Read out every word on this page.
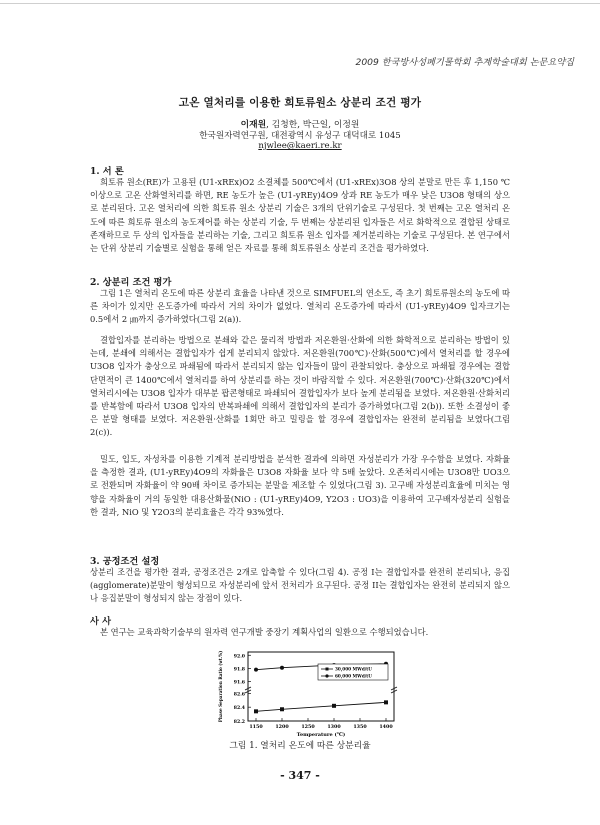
2009 한국방사성폐기물학회 추계학술대회 논문요약집
고온 열처리를 이용한 희토류원소 상분리 조건 평가
이재원, 김청한, 박근일, 이정원
한국원자력연구원, 대전광역시 유성구 대덕대로 1045
njwlee@kaeri.re.kr
1. 서 론
희토류 원소(RE)가 고용된 (U1-xREx)O2 소결체를 500℃에서 (U1-xREx)3O8 상의 분말로 만든 후 1,150 ℃이상으로 고온 산화열처리를 하면, RE 농도가 높은 (U1-yREy)4O9 상과 RE 농도가 매우 낮은 U3O8 형태의 상으로 분리된다. 고온 열처리에 의한 희토류 원소 상분리 기술은 3개의 단위기술로 구성된다. 첫 번째는 고온 열처리 온도에 따른 희토류 원소의 농도제어를 하는 상분리 기술, 두 번째는 상분리된 입자들은 서로 화학적으로 결합된 상태로 존재하므로 두 상의 입자들을 분리하는 기술, 그리고 희토류 원소 입자를 제거분리하는 기술로 구성된다. 본 연구에서는 단위 상분리 기술별로 실험을 통해 얻은 자료를 통해 희토류원소 상분리 조건을 평가하였다.
2. 상분리 조건 평가
그림 1은 열처리 온도에 따른 상분리 효율을 나타낸 것으로 SIMFUEL의 연소도, 즉 초기 희토류원소의 농도에 따른 차이가 있지만 온도증가에 따라서 거의 차이가 없었다. 열처리 온도증가에 따라서 (U1-yREy)4O9 입자크기는 0.5에서 2 ㎛까지 증가하였다(그림 2(a)).
결합입자를 분리하는 방법으로 분쇄와 같은 물리적 방법과 저온환원·산화에 의한 화학적으로 분리하는 방법이 있는데, 분쇄에 의해서는 결합입자가 쉽게 분리되지 않았다. 저온환원(700℃)·산화(500℃)에서 열처리를 할 경우에 U3O8 입자가 충상으로 파쇄됨에 따라서 분리되지 않는 입자들이 많이 관찰되었다. 충상으로 파쇄될 경우에는 결합단면적이 큰 1400℃에서 열처리를 하여 상분리를 하는 것이 바람직할 수 있다. 저온환원(700℃)·산화(320℃)에서 열처리시에는 U3O8 입자가 대부분 팝콘형태로 파쇄되어 결합입자가 보다 높게 분리됨을 보였다. 저온환원·산화처리를 반복함에 따라서 U3O8 입자의 반복파쇄에 의해서 결합입자의 분리가 증가하였다(그림 2(b)). 또한 소결성이 좋은 분말 형태를 보였다. 저온환원·산화를 1회만 하고 밀링을 할 경우에 결합입자는 완전히 분리됨을 보였다(그림 2(c)).
밀도, 입도, 자성차를 이용한 기계적 분리방법을 분석한 결과에 의하면 자성분리가 가장 우수함을 보였다. 자화율을 측정한 결과, (U1-yREy)4O9의 자화율은 U3O8 자화율 보다 약 5배 높았다. 오존처리시에는 U3O8만 UO3으로 전환되며 자화율이 약 90배 차이로 증가되는 분말을 제조할 수 있었다(그림 3). 고구배 자성분리효율에 미치는 영향을 자화율이 거의 동일한 대용산화물(NiO : (U1-yREy)4O9, Y2O3 : UO3)을 이용하여 고구배자성분리 실험을 한 결과, NiO 및 Y2O3의 분리효율은 각각 93%였다.
3. 공정조건 설정
상분리 조건을 평가한 결과, 공정조건은 2개로 압축할 수 있다(그림 4). 공정 I는 결합입자를 완전히 분리되나, 응집(agglomerate)분말이 형성되므로 자성분리에 앞서 전처리가 요구된다. 공정 II는 결합입자는 완전히 분리되지 않으나 응집분말이 형성되지 않는 장점이 있다.
사 사
본 연구는 교육과학기술부의 원자력 연구개발 중장기 계획사업의 일환으로 수행되었습니다.
82.2
82.4
82.6
91.6
91.8
92.0
1150	1200	1250	1300	1350	1400
Temperature (℃)
Phase Separation Ratio (wt.%)	30,000 MWd/tU
60,000 MWd/tU
그림 1. 열처리 온도에 따른 상분리율
- 347 -
